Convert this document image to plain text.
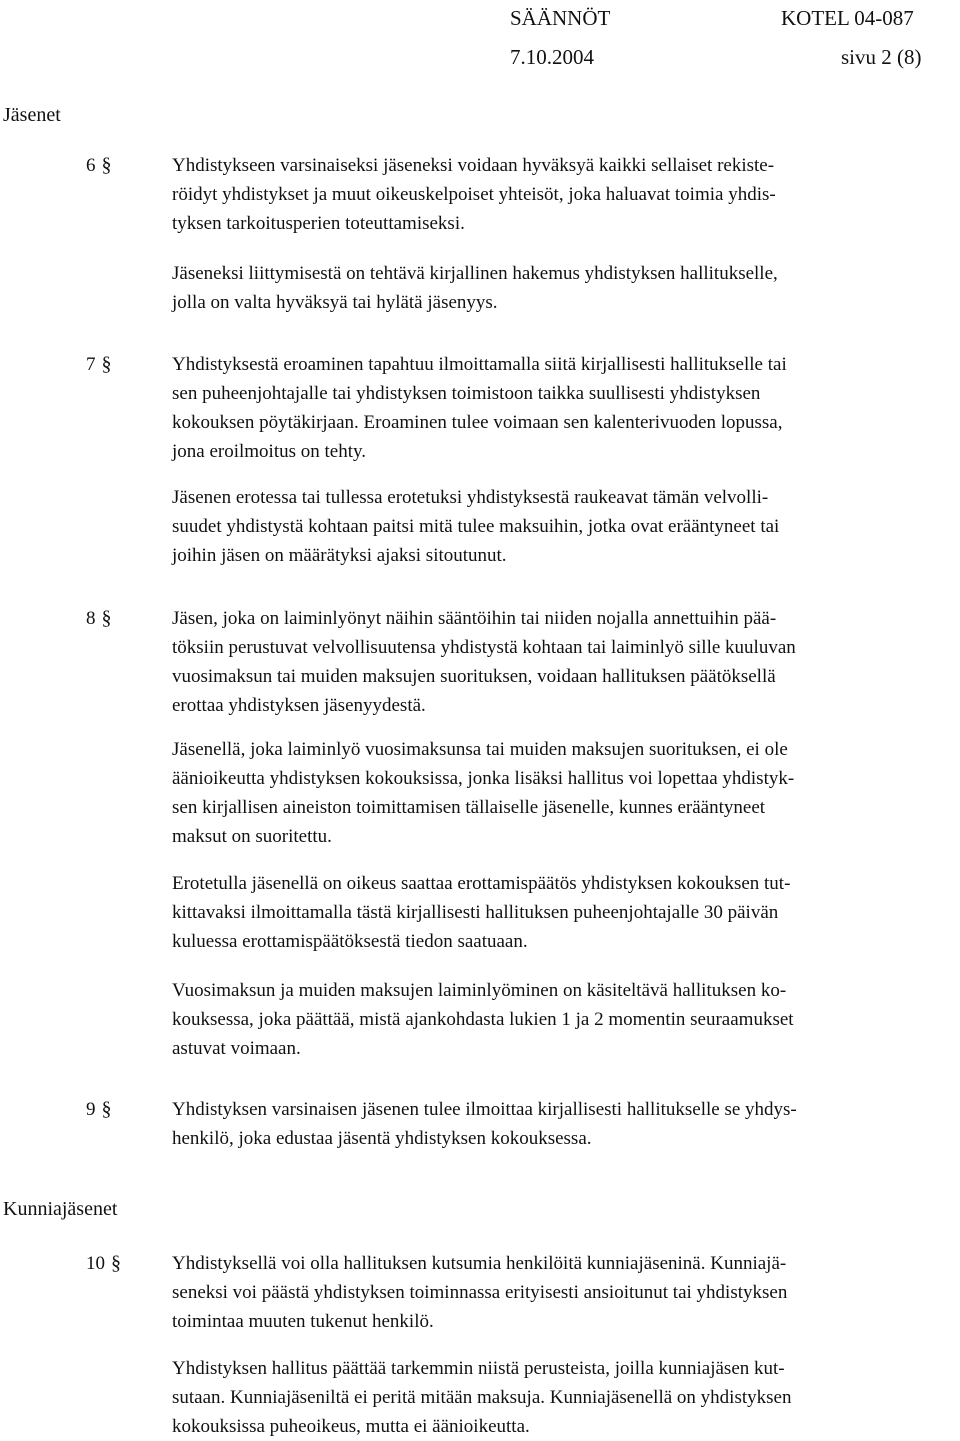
SÄÄNNÖT	KOTEL 04-087
7.10.2004	sivu 2 (8)
Jäsenet
Kunniajäsenet
6 §	Yhdistykseen varsinaiseksi jäseneksi voidaan hyväksyä kaikki sellaiset rekiste-
röidyt yhdistykset ja muut oikeuskelpoiset yhteisöt, joka haluavat toimia yhdis-
tyksen tarkoitusperien toteuttamiseksi.

Jäseneksi liittymisestä on tehtävä kirjallinen hakemus yhdistyksen hallitukselle,
jolla on valta hyväksyä tai hylätä jäsenyys.

7 §	Yhdistyksestä eroaminen tapahtuu ilmoittamalla siitä kirjallisesti hallitukselle tai
sen puheenjohtajalle tai yhdistyksen toimistoon taikka suullisesti yhdistyksen
kokouksen pöytäkirjaan. Eroaminen tulee voimaan sen kalenterivuoden lopussa,
jona eroilmoitus on tehty.

Jäsenen erotessa tai tullessa erotetuksi yhdistyksestä raukeavat tämän velvolli-
suudet yhdistystä kohtaan paitsi mitä tulee maksuihin, jotka ovat erääntyneet tai
joihin jäsen on määrätyksi ajaksi sitoutunut.

8 §	Jäsen, joka on laiminlyönyt näihin sääntöihin tai niiden nojalla annettuihin pää-
töksiin perustuvat velvollisuutensa yhdistystä kohtaan tai laiminlyö sille kuuluvan
vuosimaksun tai muiden maksujen suorituksen, voidaan hallituksen päätöksellä
erottaa yhdistyksen jäsenyydestä.

Jäsenellä, joka laiminlyö vuosimaksunsa tai muiden maksujen suorituksen, ei ole
äänioikeutta yhdistyksen kokouksissa, jonka lisäksi hallitus voi lopettaa yhdistyk-
sen kirjallisen aineiston toimittamisen tällaiselle jäsenelle, kunnes erääntyneet
maksut on suoritettu.

Erotetulla jäsenellä on oikeus saattaa erottamispäätös yhdistyksen kokouksen tut-
kittavaksi ilmoittamalla tästä kirjallisesti hallituksen puheenjohtajalle 30 päivän
kuluessa erottamispäätöksestä tiedon saatuaan.

Vuosimaksun ja muiden maksujen laiminlyöminen on käsiteltävä hallituksen ko-
kouksessa, joka päättää, mistä ajankohdasta lukien 1 ja 2 momentin seuraamukset
astuvat voimaan.

9 §	Yhdistyksen varsinaisen jäsenen tulee ilmoittaa kirjallisesti hallitukselle se yhdys-
henkilö, joka edustaa jäsentä yhdistyksen kokouksessa.

10 §	Yhdistyksellä voi olla hallituksen kutsumia henkilöitä kunniajäseninä. Kunniajä-
seneksi voi päästä yhdistyksen toiminnassa erityisesti ansioitunut tai yhdistyksen
toimintaa muuten tukenut henkilö.

Yhdistyksen hallitus päättää tarkemmin niistä perusteista, joilla kunniajäsen kut-
sutaan. Kunniajäseniltä ei peritä mitään maksuja. Kunniajäsenellä on yhdistyksen
kokouksissa puheoikeus, mutta ei äänioikeutta.
